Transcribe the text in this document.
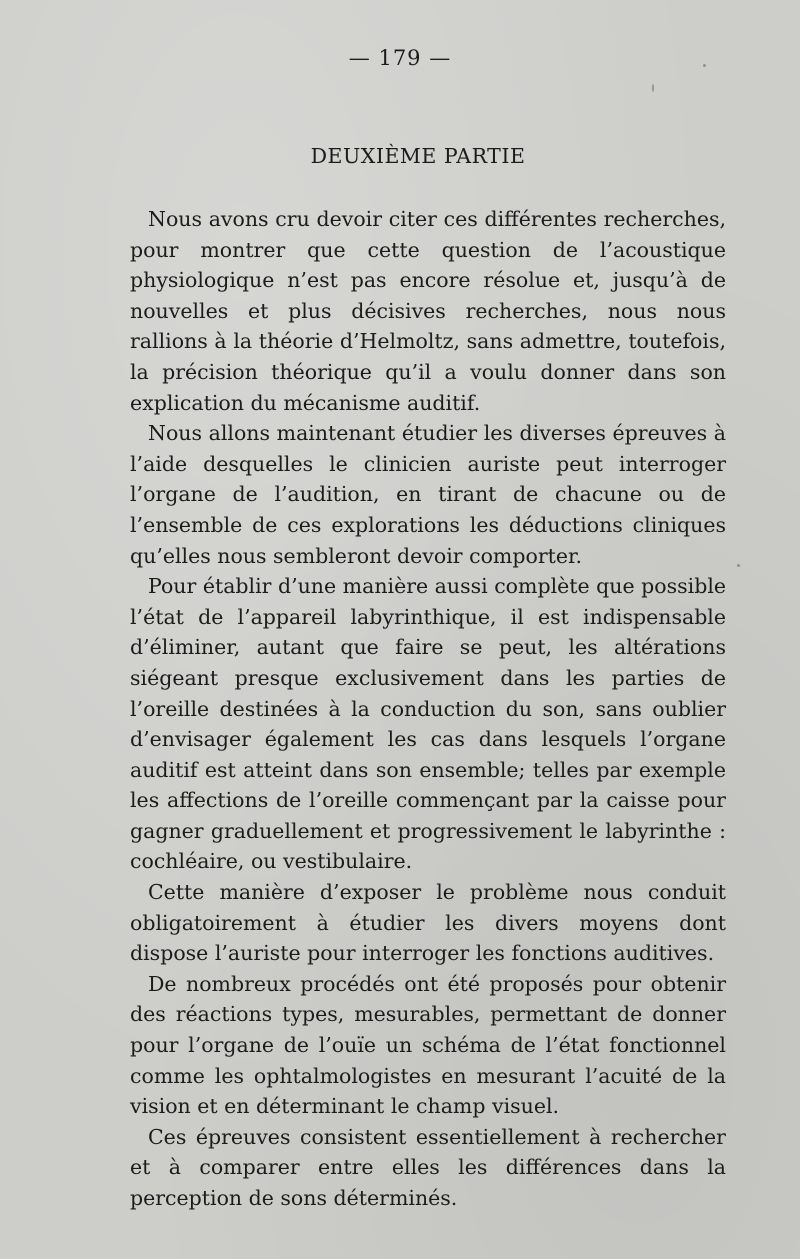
— 179 —
DEUXIÈME PARTIE

Nous avons cru devoir citer ces différentes recherches, pour montrer que cette question de l’acoustique physiologique n’est pas encore résolue et, jusqu’à de nouvelles et plus décisives recherches, nous nous rallions à la théorie d’Helmoltz, sans admettre, toutefois, la précision théorique qu’il a voulu donner dans son explication du mécanisme auditif.

Nous allons maintenant étudier les diverses épreuves à l’aide desquelles le clinicien auriste peut interroger l’organe de l’audition, en tirant de chacune ou de l’ensemble de ces explorations les déductions cliniques qu’elles nous sembleront devoir comporter.

Pour établir d’une manière aussi complète que possible l’état de l’appareil labyrinthique, il est indispensable d’éliminer, autant que faire se peut, les altérations siégeant presque exclusivement dans les parties de l’oreille destinées à la conduction du son, sans oublier d’envisager également les cas dans lesquels l’organe auditif est atteint dans son ensemble; telles par exemple les affections de l’oreille commençant par la caisse pour gagner graduellement et progressivement le labyrinthe : cochléaire, ou vestibulaire.

Cette manière d’exposer le problème nous conduit obligatoirement à étudier les divers moyens dont dispose l’auriste pour interroger les fonctions auditives.

De nombreux procédés ont été proposés pour obtenir des réactions types, mesurables, permettant de donner pour l’organe de l’ouïe un schéma de l’état fonctionnel comme les ophtalmologistes en mesurant l’acuité de la vision et en déterminant le champ visuel.

Ces épreuves consistent essentiellement à rechercher et à comparer entre elles les différences dans la perception de sons déterminés.
